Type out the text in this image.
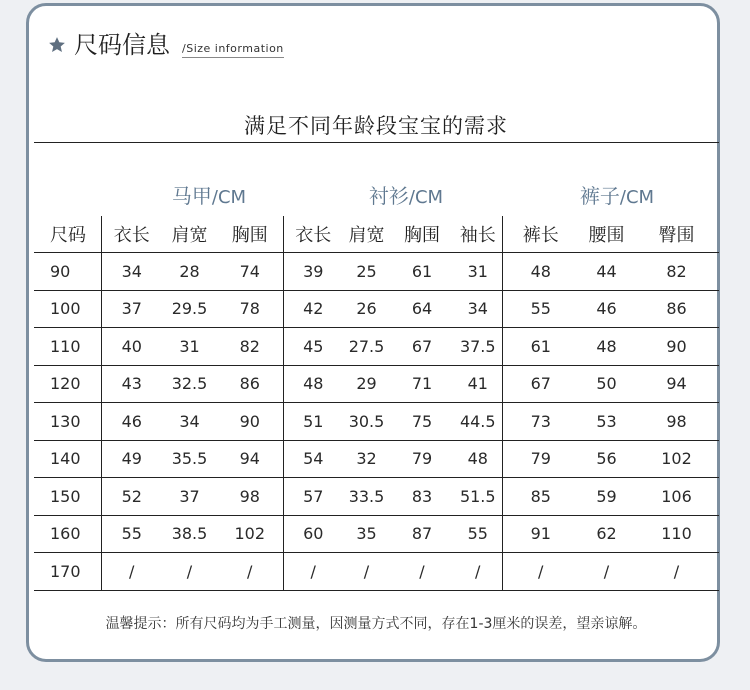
尺码信息 /Size information
满足不同年龄段宝宝的需求
马甲/CM	衬衫/CM	裤子/CM
尺码	衣长	肩宽	胸围	衣长	肩宽	胸围	袖长	裤长	腰围	臀围
90	34	28	74	39	25	61	31	48	44	82
100	37	29.5	78	42	26	64	34	55	46	86
110	40	31	82	45	27.5	67	37.5	61	48	90
120	43	32.5	86	48	29	71	41	67	50	94
130	46	34	90	51	30.5	75	44.5	73	53	98
140	49	35.5	94	54	32	79	48	79	56	102
150	52	37	98	57	33.5	83	51.5	85	59	106
160	55	38.5	102	60	35	87	55	91	62	110
170	/	/	/	/	/	/	/	/	/	/
温馨提示：所有尺码均为手工测量，因测量方式不同，存在1-3厘米的误差，望亲谅解。
